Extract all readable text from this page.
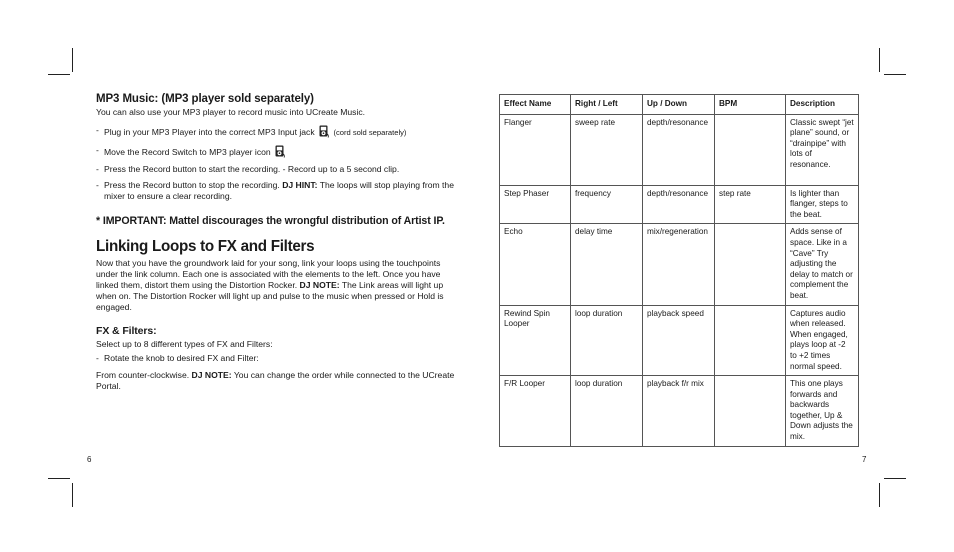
MP3 Music: (MP3 player sold separately)

You can also use your MP3 player to record music into UCreate Music.

- Plug in your MP3 Player into the correct MP3 Input jack (cord sold separately)
- Move the Record Switch to MP3 player icon
- Press the Record button to start the recording. - Record up to a 5 second clip.
- Press the Record button to stop the recording. DJ HINT: The loops will stop playing from the mixer to ensure a clear recording.
* IMPORTANT: Mattel discourages the wrongful distribution of Artist IP.
Linking Loops to FX and Filters

Now that you have the groundwork laid for your song, link your loops using the touchpoints under the link column. Each one is associated with the elements to the left. Once you have linked them, distort them using the Distortion Rocker. DJ NOTE: The Link areas will light up when on. The Distortion Rocker will light up and pulse to the music when pressed or Hold is engaged.

FX & Filters:

Select up to 8 different types of FX and Filters:

- Rotate the knob to desired FX and Filter:

From counter-clockwise. DJ NOTE: You can change the order while connected to the UCreate Portal.

Effect Name	Right / Left	Up / Down	BPM	Description
Flanger	sweep rate	depth/resonance		Classic swept “jet plane” sound, or “drainpipe” with lots of resonance.
Step Phaser	frequency	depth/resonance	step rate	Is lighter than flanger, steps to the beat.
Echo	delay time	mix/regeneration		Adds sense of space. Like in a “Cave” Try adjusting the delay to match or complement the beat.
Rewind Spin Looper	loop duration	playback speed		Captures audio when released. When engaged, plays loop at -2 to +2 times normal speed.
F/R Looper	loop duration	playback f/r mix		This one plays forwards and backwards together, Up & Down adjusts the mix.
6	7
